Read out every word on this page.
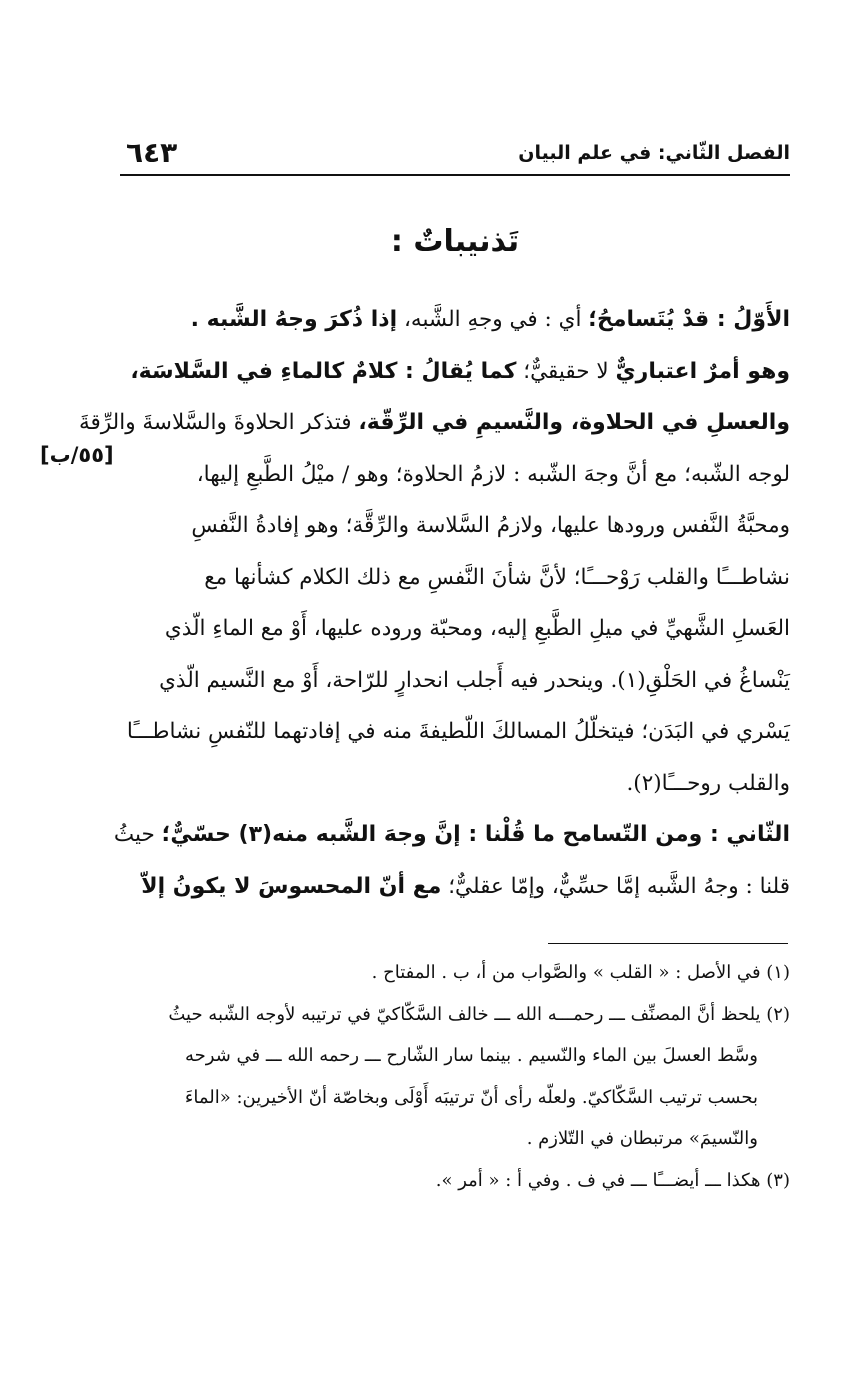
الفصل الثّاني: في علم البيان
٦٤٣
تَذنيباتٌ :
[٥٥/ب]
الأَوّلُ : قدْ يُتَسامحُ؛ أي : في وجهِ الشَّبه، إذا ذُكرَ وجهُ الشَّبه .
وهو أمرٌ اعتباريٌّ لا حقيقيٌّ؛ كما يُقالُ : كلامٌ كالماءِ في السَّلاسَة،
والعسلِ في الحلاوة، والنَّسيمِ في الرِّقّة، فتذكر الحلاوةَ والسَّلاسةَ والرِّقةَ
لوجه الشّبه؛ مع أنَّ وجهَ الشّبه : لازمُ الحلاوة؛ وهو / ميْلُ الطَّبعِ إليها،
ومحبَّةُ النَّفس ورودها عليها، ولازمُ السَّلاسة والرِّقَّة؛ وهو إفادةُ النَّفسِ
نشاطـــًا والقلب رَوْحـــًا؛ لأنَّ شأنَ النَّفسِ مع ذلك الكلام كشأنها مع
العَسلِ الشَّهيِّ في ميلِ الطَّبعِ إليه، ومحبّة وروده عليها، أَوْ مع الماءِ الّذي
يَنْساغُ في الحَلْقِ(١). وينحدر فيه أَجلب انحدارٍ للرّاحة، أَوْ مع النَّسيم الّذي
يَسْري في البَدَن؛ فيتخلّلُ المسالكَ اللّطيفةَ منه في إفادتهما للنّفسِ نشاطـــًا
والقلب روحـــًا(٢).
الثّاني : ومن التّسامح ما قُلْنا : إنَّ وجهَ الشَّبه منه(٣) حسّيٌّ؛ حيثُ
قلنا : وجهُ الشَّبه إمَّا حسِّيٌّ، وإمّا عقليٌّ؛ مع أنّ المحسوسَ لا يكونُ إلاّ
(١) في الأصل : « القلب » والصَّواب من أ، ب . المفتاح .
(٢) يلحظ أنَّ المصنِّف ـــ رحمـــه الله ـــ خالف السَّكّاكيّ في ترتيبه لأوجه الشّبه حيثُ
وسَّط العسلَ بين الماء والنّسيم . بينما سار الشّارح ـــ رحمه الله ـــ في شرحه
بحسب ترتيب السَّكّاكيّ. ولعلّه رأى أنّ ترتيبَه أَوْلَى وبخاصّة أنّ الأخيرين: «الماءَ
والنّسيمَ» مرتبطان في التّلازم .
(٣) هكذا ـــ أيضـــًا ـــ في ف . وفي أ : « أمر ».
